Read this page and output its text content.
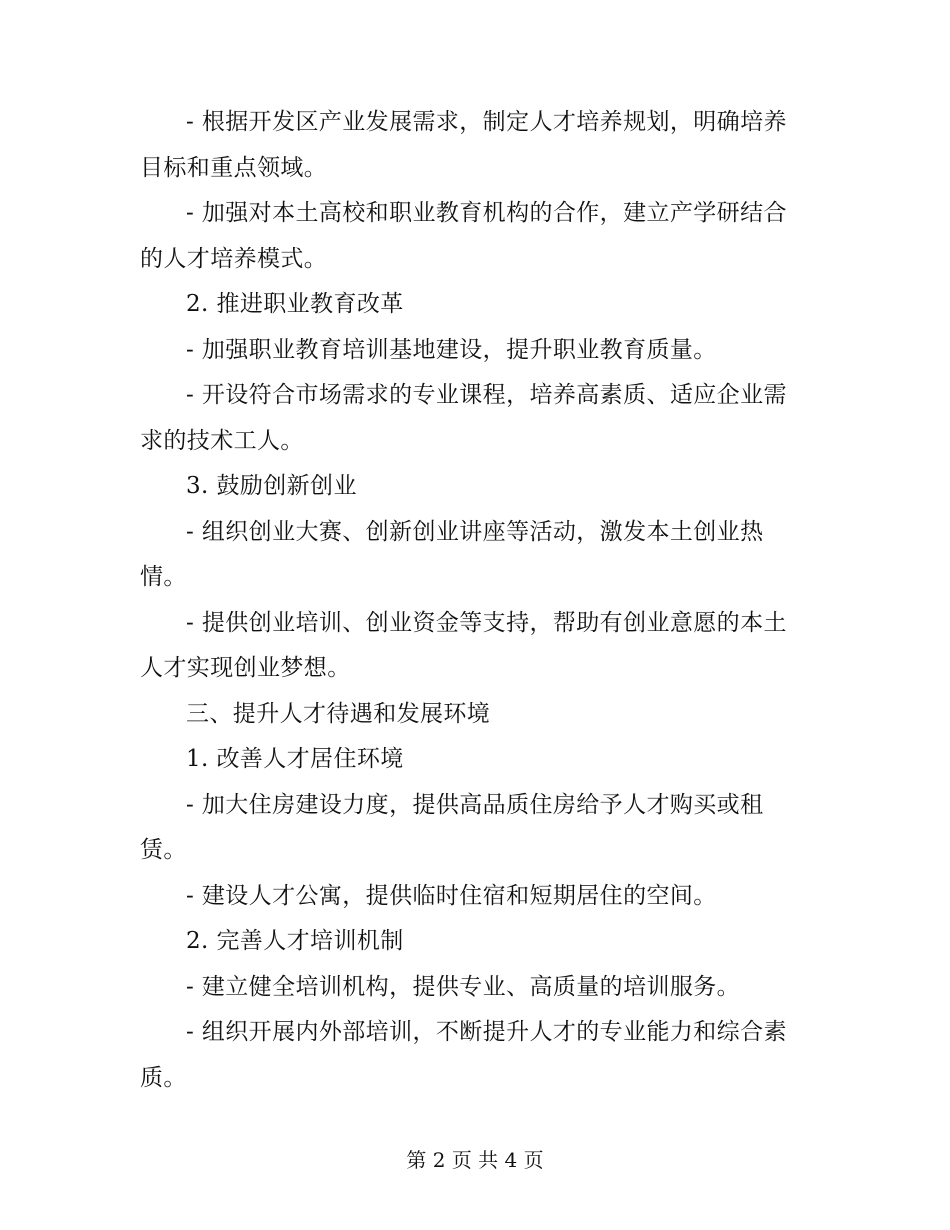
- 根据开发区产业发展需求，制定人才培养规划，明确培养目标和重点领域。

- 加强对本土高校和职业教育机构的合作，建立产学研结合的人才培养模式。

2. 推进职业教育改革

- 加强职业教育培训基地建设，提升职业教育质量。

- 开设符合市场需求的专业课程，培养高素质、适应企业需求的技术工人。

3. 鼓励创新创业

- 组织创业大赛、创新创业讲座等活动，激发本土创业热情。

- 提供创业培训、创业资金等支持，帮助有创业意愿的本土人才实现创业梦想。

三、提升人才待遇和发展环境

1. 改善人才居住环境

- 加大住房建设力度，提供高品质住房给予人才购买或租赁。

- 建设人才公寓，提供临时住宿和短期居住的空间。

2. 完善人才培训机制

- 建立健全培训机构，提供专业、高质量的培训服务。

- 组织开展内外部培训，不断提升人才的专业能力和综合素质。

第 2 页 共 4 页
